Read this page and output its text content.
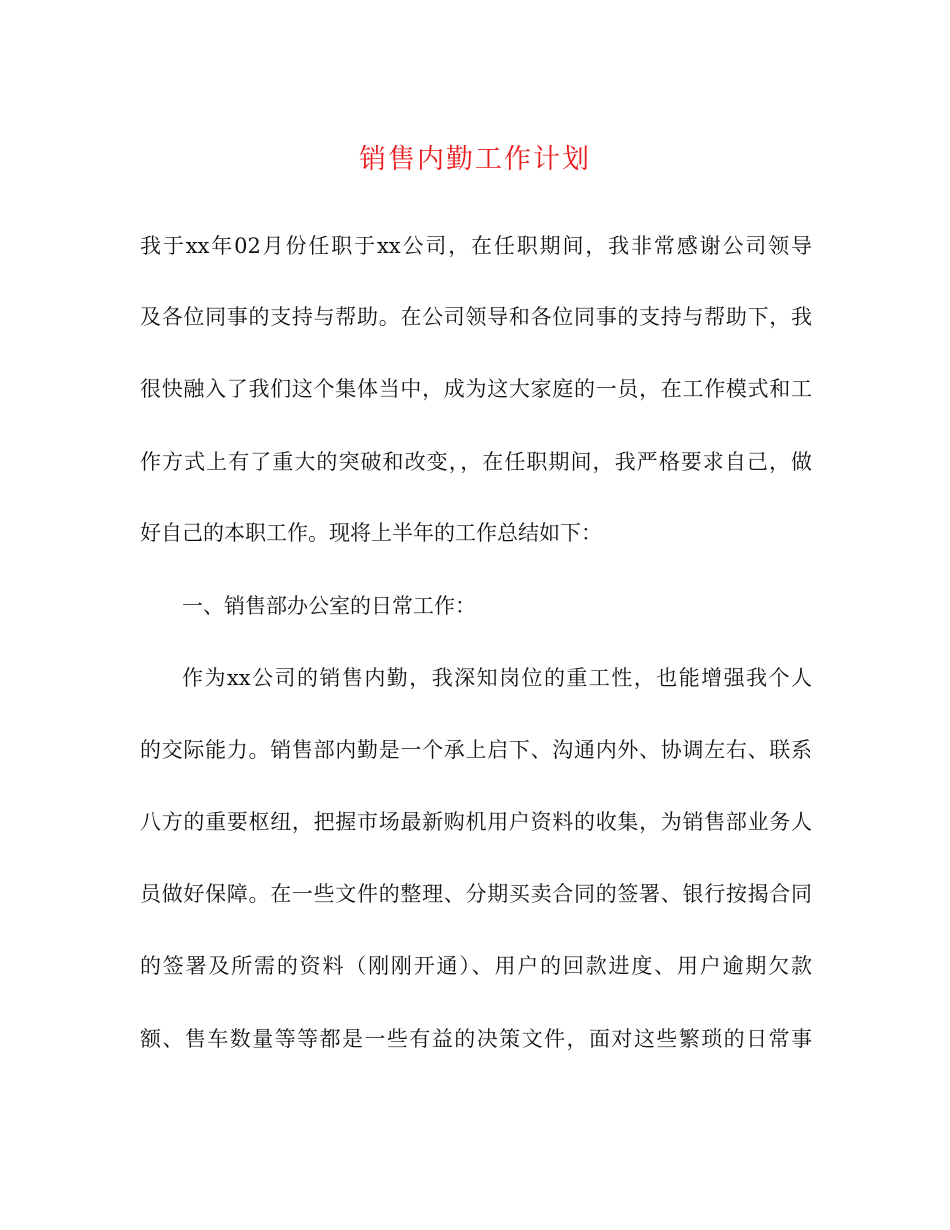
销售内勤工作计划
我于xx年02月份任职于xx公司，在任职期间，我非常感谢公司领导
及各位同事的支持与帮助。在公司领导和各位同事的支持与帮助下，我
很快融入了我们这个集体当中，成为这大家庭的一员，在工作模式和工
作方式上有了重大的突破和改变，，在任职期间，我严格要求自己，做
好自己的本职工作。现将上半年的工作总结如下：
一、销售部办公室的日常工作：
作为xx公司的销售内勤，我深知岗位的重工性，也能增强我个人
的交际能力。销售部内勤是一个承上启下、沟通内外、协调左右、联系
八方的重要枢纽，把握市场最新购机用户资料的收集，为销售部业务人
员做好保障。在一些文件的整理、分期买卖合同的签署、银行按揭合同
的签署及所需的资料（刚刚开通）、用户的回款进度、用户逾期欠款
额、售车数量等等都是一些有益的决策文件，面对这些繁琐的日常事
